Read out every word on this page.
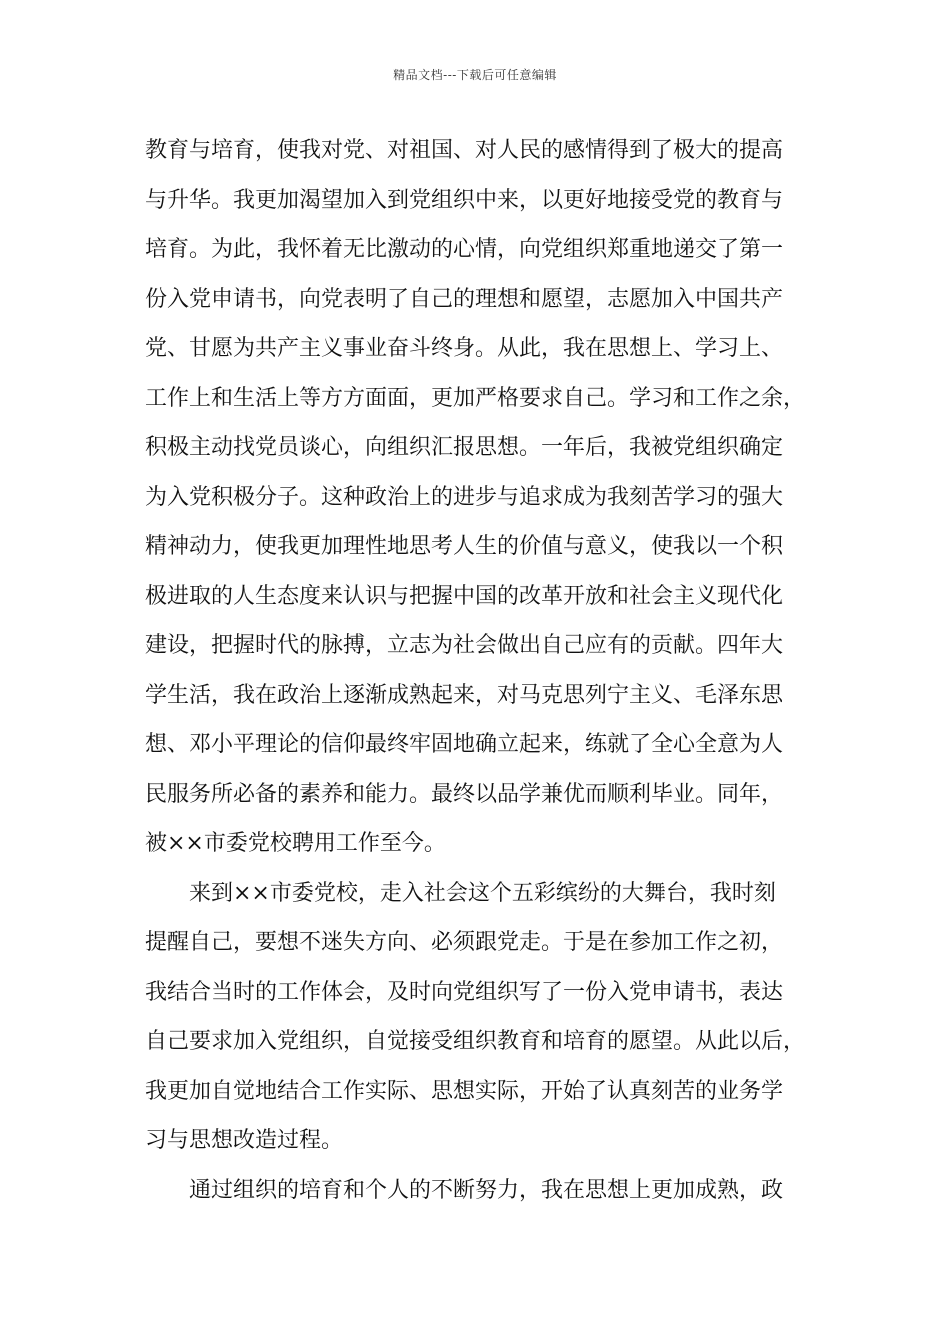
精品文档---下载后可任意编辑
教育与培育，使我对党、对祖国、对人民的感情得到了极大的提高
与升华。我更加渴望加入到党组织中来，以更好地接受党的教育与
培育。为此，我怀着无比激动的心情，向党组织郑重地递交了第一
份入党申请书，向党表明了自己的理想和愿望，志愿加入中国共产
党、甘愿为共产主义事业奋斗终身。从此，我在思想上、学习上、
工作上和生活上等方方面面，更加严格要求自己。学习和工作之余，
积极主动找党员谈心，向组织汇报思想。一年后，我被党组织确定
为入党积极分子。这种政治上的进步与追求成为我刻苦学习的强大
精神动力，使我更加理性地思考人生的价值与意义，使我以一个积
极进取的人生态度来认识与把握中国的改革开放和社会主义现代化
建设，把握时代的脉搏，立志为社会做出自己应有的贡献。四年大
学生活，我在政治上逐渐成熟起来，对马克思列宁主义、毛泽东思
想、邓小平理论的信仰最终牢固地确立起来，练就了全心全意为人
民服务所必备的素养和能力。最终以品学兼优而顺利毕业。同年，
被××市委党校聘用工作至今。
来到××市委党校，走入社会这个五彩缤纷的大舞台，我时刻
提醒自己，要想不迷失方向、必须跟党走。于是在参加工作之初，
我结合当时的工作体会，及时向党组织写了一份入党申请书，表达
自己要求加入党组织，自觉接受组织教育和培育的愿望。从此以后，
我更加自觉地结合工作实际、思想实际，开始了认真刻苦的业务学
习与思想改造过程。
通过组织的培育和个人的不断努力，我在思想上更加成熟，政
